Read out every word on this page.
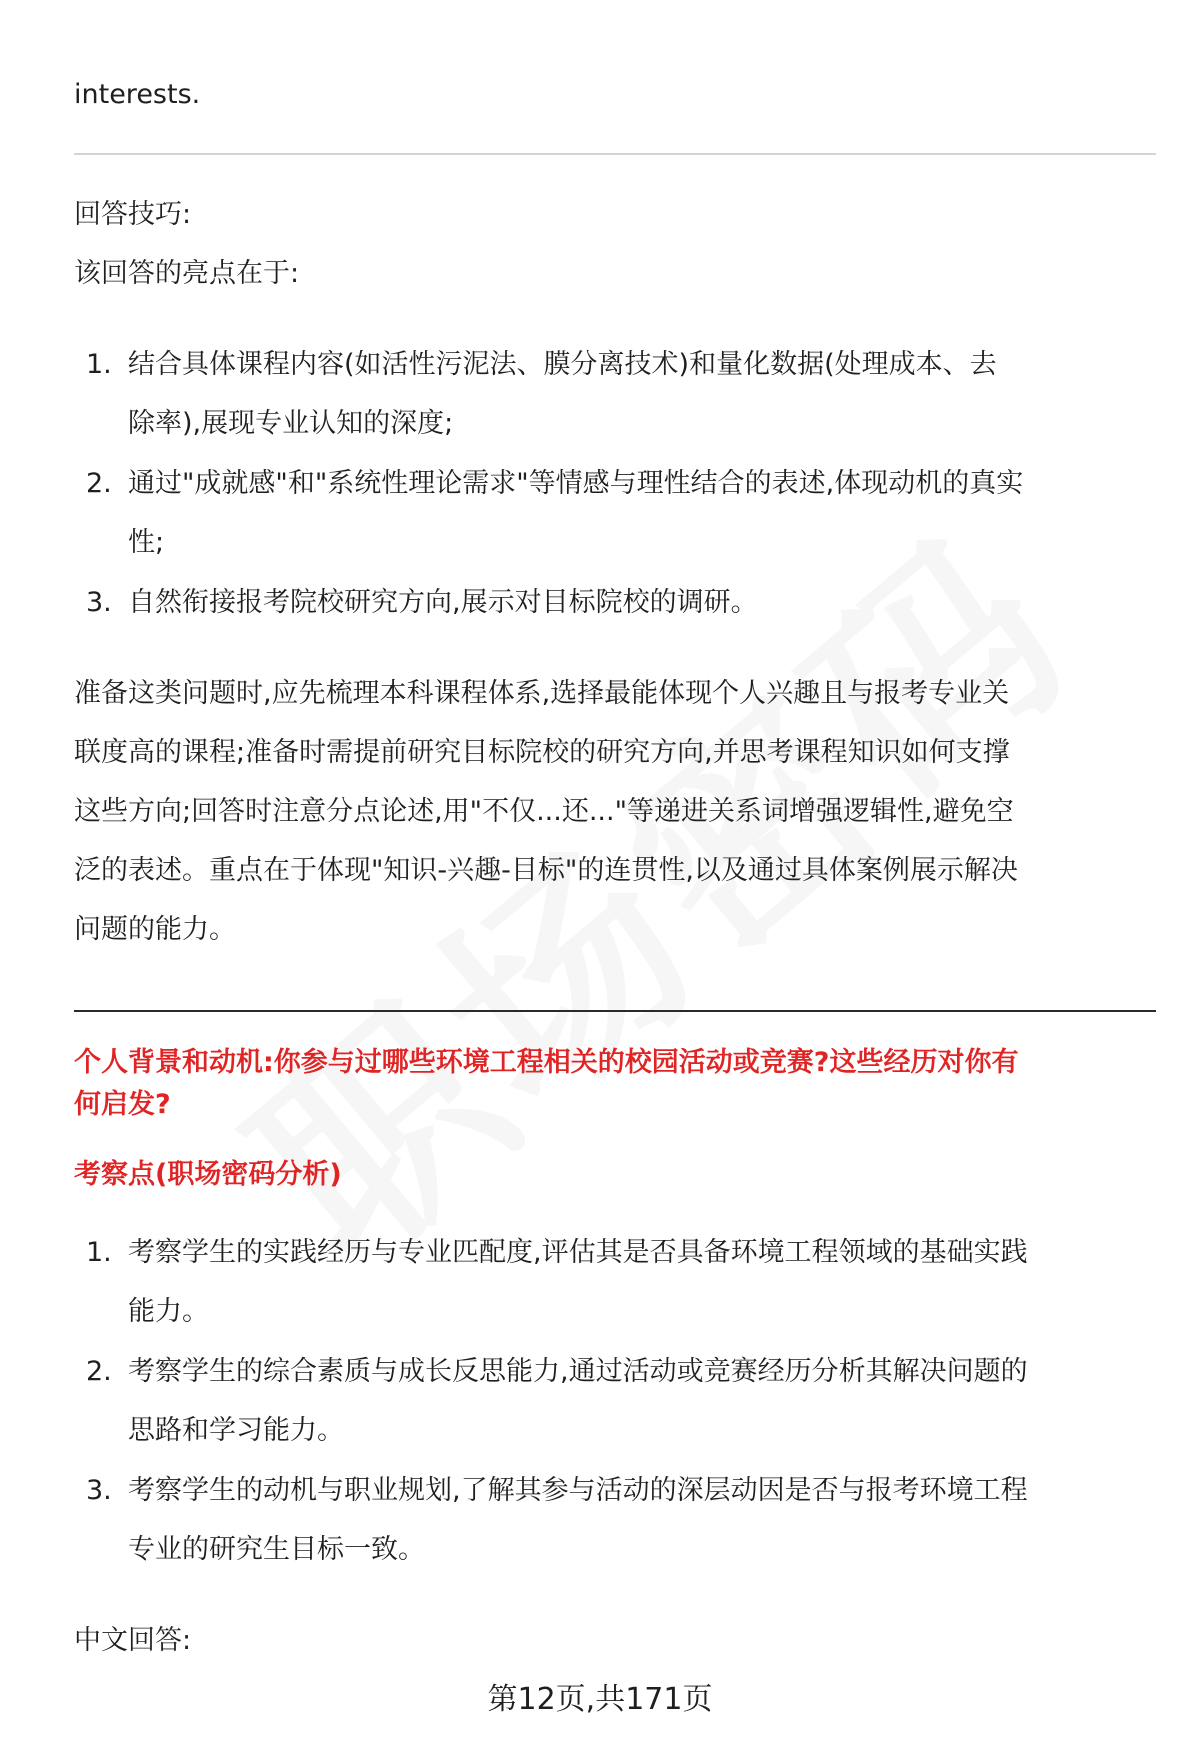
interests.

回答技巧:

该回答的亮点在于:

1. 结合具体课程内容(如活性污泥法、膜分离技术)和量化数据(处理成本、去
除率),展现专业认知的深度;
2. 通过"成就感"和"系统性理论需求"等情感与理性结合的表述,体现动机的真实
性;
3. 自然衔接报考院校研究方向,展示对目标院校的调研。

准备这类问题时,应先梳理本科课程体系,选择最能体现个人兴趣且与报考专业关

联度高的课程;准备时需提前研究目标院校的研究方向,并思考课程知识如何支撑

这些方向;回答时注意分点论述,用"不仅...还..."等递进关系词增强逻辑性,避免空

泛的表述。重点在于体现"知识-兴趣-目标"的连贯性,以及通过具体案例展示解决

问题的能力。

个人背景和动机:你参与过哪些环境工程相关的校园活动或竞赛?这些经历对你有

何启发?

考察点(职场密码分析)

1. 考察学生的实践经历与专业匹配度,评估其是否具备环境工程领域的基础实践
能力。
2. 考察学生的综合素质与成长反思能力,通过活动或竞赛经历分析其解决问题的
思路和学习能力。
3. 考察学生的动机与职业规划,了解其参与活动的深层动因是否与报考环境工程
专业的研究生目标一致。

中文回答:

第12页,共171页
